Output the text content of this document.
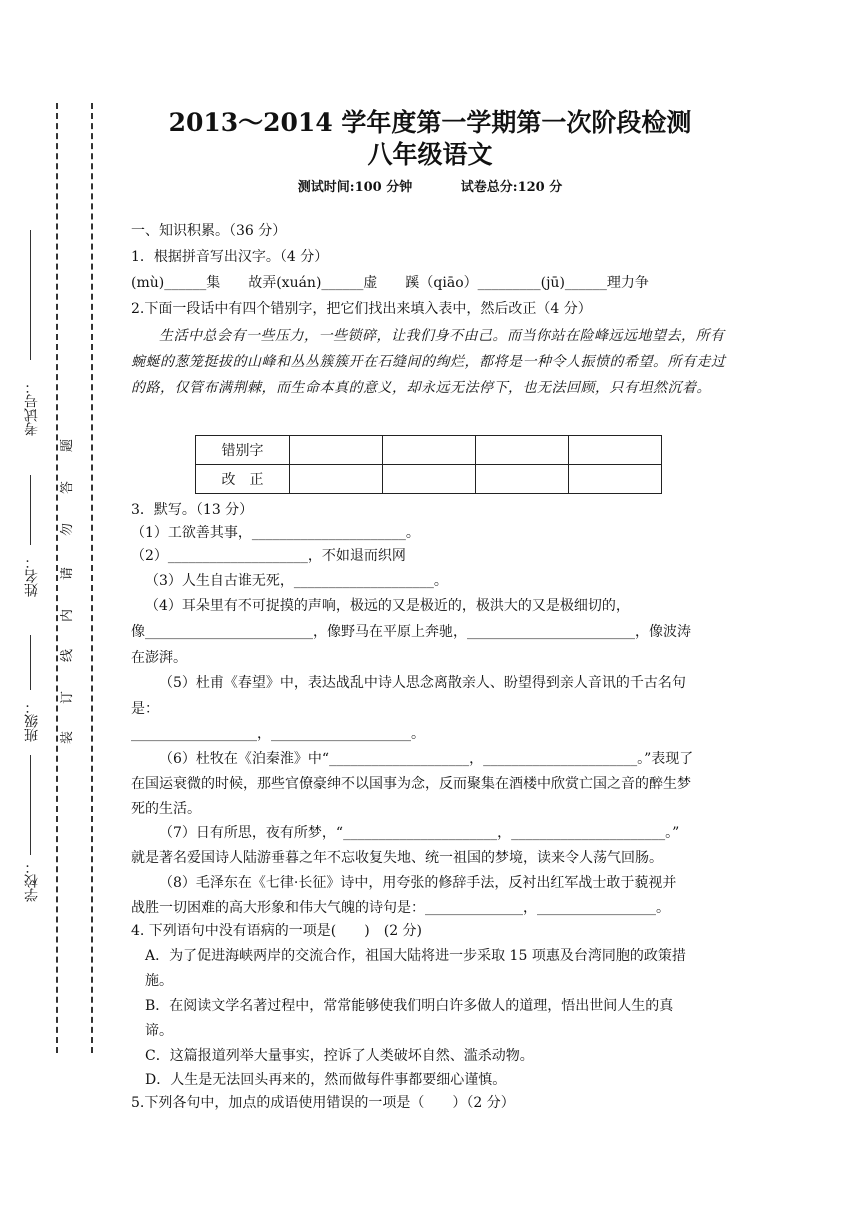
考试号：
姓名：
班级：
学校：
装
订
线
内
请
勿
答
题
2013～2014 学年度第一学期第一次阶段检测
八年级语文
测试时间:100 分钟	试卷总分:120 分
一、知识积累。（36 分）
1．根据拼音写出汉字。（4 分）
(mù)______集　　故弄(xuán)______虚　　蹊（qiāo）_________(jū)______理力争
2.下面一段话中有四个错别字，把它们找出来填入表中，然后改正（4 分）
生活中总会有一些压力，一些锁碎，让我们身不由己。而当你站在险峰远远地望去，所有蜿蜒的葱笼挺拔的山峰和丛丛簇簇开在石缝间的绚烂，都将是一种令人振愤的希望。所有走过的路，仅管布满荆棘，而生命本真的意义，却永远无法停下，也无法回顾，只有坦然沉着。
错别字				
改　正				
3．默写。（13 分）
（1）工欲善其事，______________________。
（2）____________________，不如退而织网
（3）人生自古谁无死，____________________。
（4）耳朵里有不可捉摸的声响，极远的又是极近的，极洪大的又是极细切的，
像________________________，像野马在平原上奔驰，________________________，像波涛
在澎湃。
（5）杜甫《春望》中，表达战乱中诗人思念离散亲人、盼望得到亲人音讯的千古名句
是：
__________________，____________________。
（6）杜牧在《泊秦淮》中“____________________，______________________。”表现了
在国运衰微的时候，那些官僚豪绅不以国事为念，反而聚集在酒楼中欣赏亡国之音的醉生梦
死的生活。
（7）日有所思，夜有所梦，“______________________，______________________。”
就是著名爱国诗人陆游垂暮之年不忘收复失地、统一祖国的梦境，读来令人荡气回肠。
（8）毛泽东在《七律·长征》诗中，用夸张的修辞手法，反衬出红军战士敢于藐视并
战胜一切困难的高大形象和伟大气魄的诗句是：______________，_________________。
4. 下列语句中没有语病的一项是(　　)　(2 分)
A．为了促进海峡两岸的交流合作，祖国大陆将进一步采取 15 项惠及台湾同胞的政策措
施。
B．在阅读文学名著过程中，常常能够使我们明白许多做人的道理，悟出世间人生的真
谛。
C．这篇报道列举大量事实，控诉了人类破坏自然、滥杀动物。
D．人生是无法回头再来的，然而做每件事都要细心谨慎。
5.下列各句中，加点的成语使用错误的一项是（　　）（2 分）
